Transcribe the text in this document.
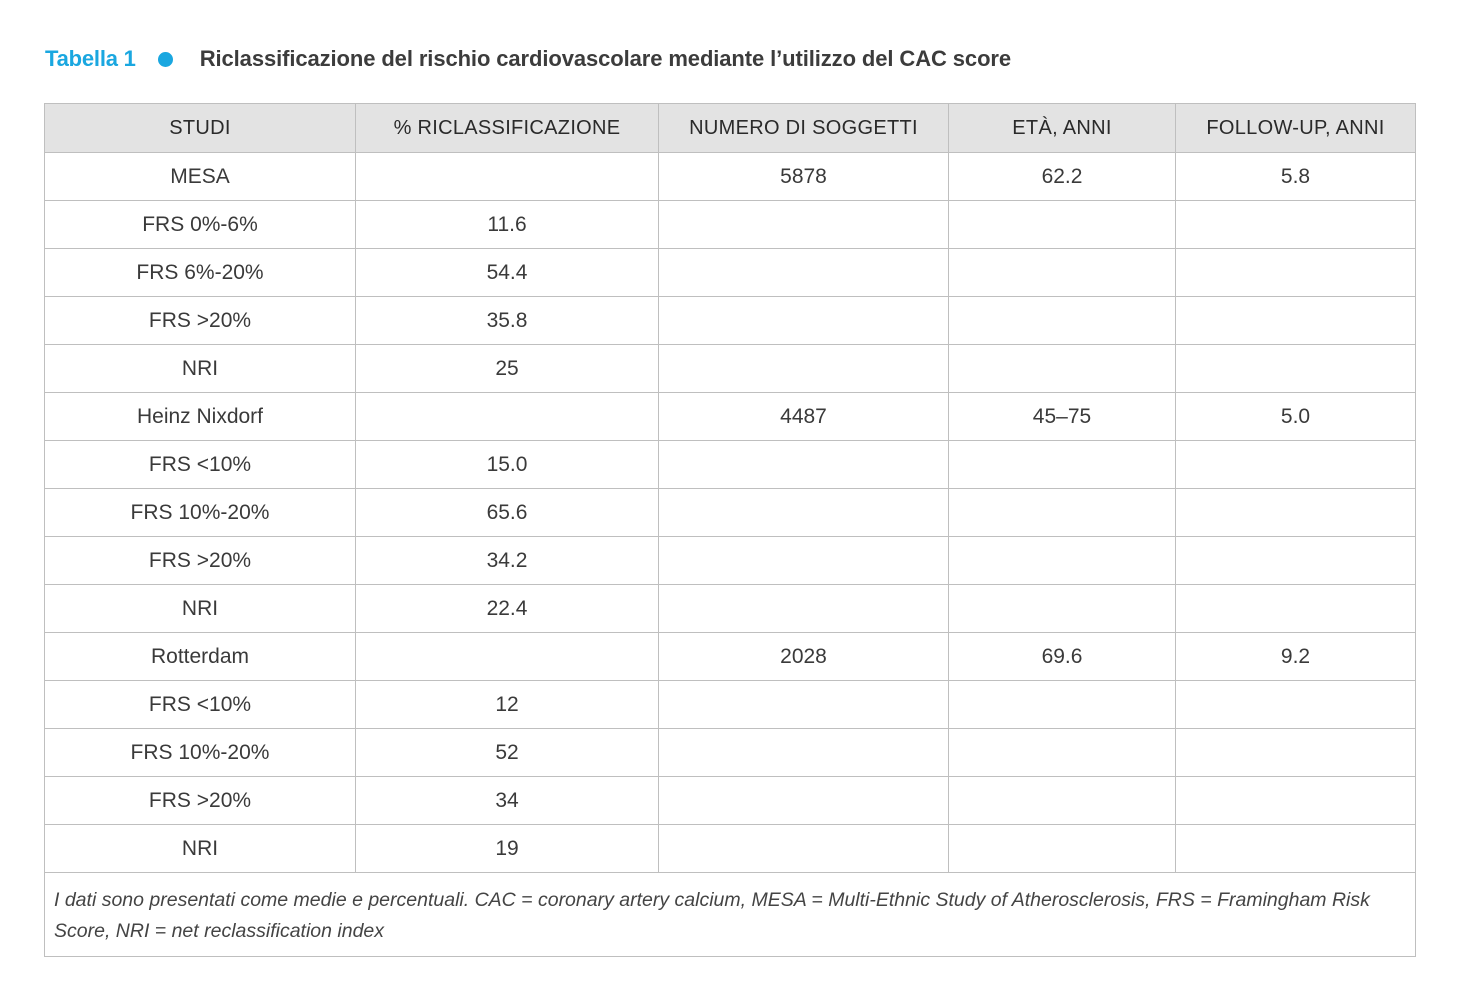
Tabella 1	Riclassificazione del rischio cardiovascolare mediante l’utilizzo del CAC score
STUDI	% RICLASSIFICAZIONE	NUMERO DI SOGGETTI	ETÀ, ANNI	FOLLOW-UP, ANNI
MESA		5878	62.2	5.8
FRS 0%-6%	11.6			
FRS 6%-20%	54.4			
FRS >20%	35.8			
NRI	25			
Heinz Nixdorf		4487	45–75	5.0
FRS <10%	15.0			
FRS 10%-20%	65.6			
FRS >20%	34.2			
NRI	22.4			
Rotterdam		2028	69.6	9.2
FRS <10%	12			
FRS 10%-20%	52			
FRS >20%	34			
NRI	19			
I dati sono presentati come medie e percentuali. CAC = coronary artery calcium, MESA = Multi-Ethnic Study of Atherosclerosis, FRS = Framingham Risk Score, NRI = net reclassification index				
